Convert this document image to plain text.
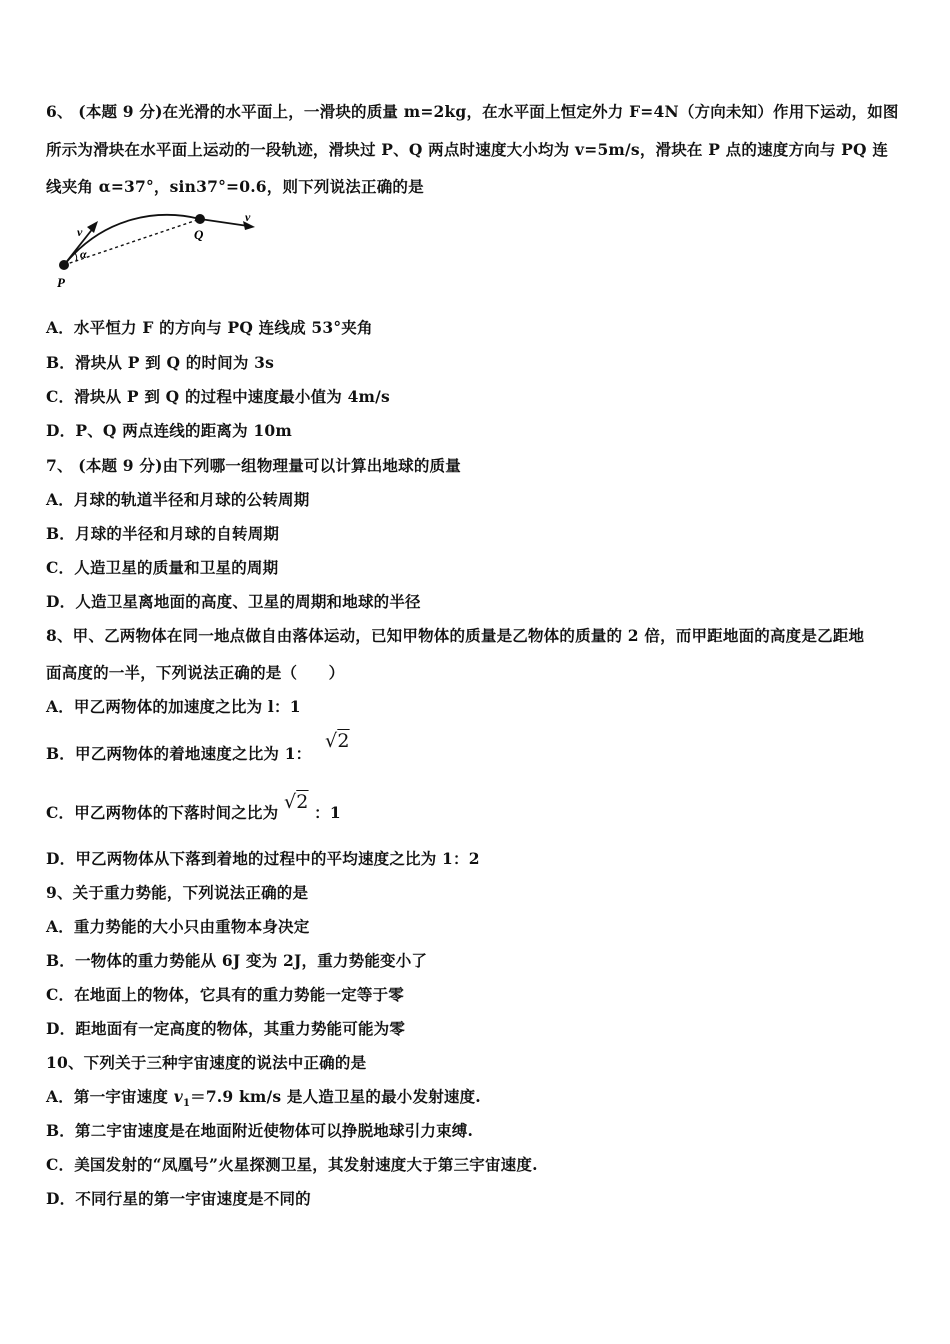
6、 (本题 9 分)在光滑的水平面上，一滑块的质量 m=2kg，在水平面上恒定外力 F=4N（方向未知）作用下运动，如图
所示为滑块在水平面上运动的一段轨迹，滑块过 P、Q 两点时速度大小均为 v=5m/s，滑块在 P 点的速度方向与 PQ 连
线夹角 α=37°，sin37°=0.6，则下列说法正确的是
P
Q
v
v
α
A．水平恒力 F 的方向与 PQ 连线成 53°夹角
B．滑块从 P 到 Q 的时间为 3s
C．滑块从 P 到 Q 的过程中速度最小值为 4m/s
D．P、Q 两点连线的距离为 10m
7、 (本题 9 分)由下列哪一组物理量可以计算出地球的质量
A．月球的轨道半径和月球的公转周期
B．月球的半径和月球的自转周期
C．人造卫星的质量和卫星的周期
D．人造卫星离地面的高度、卫星的周期和地球的半径
8、甲、乙两物体在同一地点做自由落体运动，已知甲物体的质量是乙物体的质量的 2 倍，而甲距地面的高度是乙距地
面高度的一半，下列说法正确的是（　　）
A．甲乙两物体的加速度之比为 l：1
B．甲乙两物体的着地速度之比为 1： √2
C．甲乙两物体的下落时间之比为 √2 ：1
D．甲乙两物体从下落到着地的过程中的平均速度之比为 1：2
9、关于重力势能，下列说法正确的是
A．重力势能的大小只由重物本身决定
B．一物体的重力势能从 6J 变为 2J，重力势能变小了
C．在地面上的物体，它具有的重力势能一定等于零
D．距地面有一定高度的物体，其重力势能可能为零
10、下列关于三种宇宙速度的说法中正确的是
A．第一宇宙速度 $v_1=7.9$ km/s 是人造卫星的最小发射速度.
B．第二宇宙速度是在地面附近使物体可以挣脱地球引力束缚.
C．美国发射的“凤凰号”火星探测卫星，其发射速度大于第三宇宙速度.
D．不同行星的第一宇宙速度是不同的
